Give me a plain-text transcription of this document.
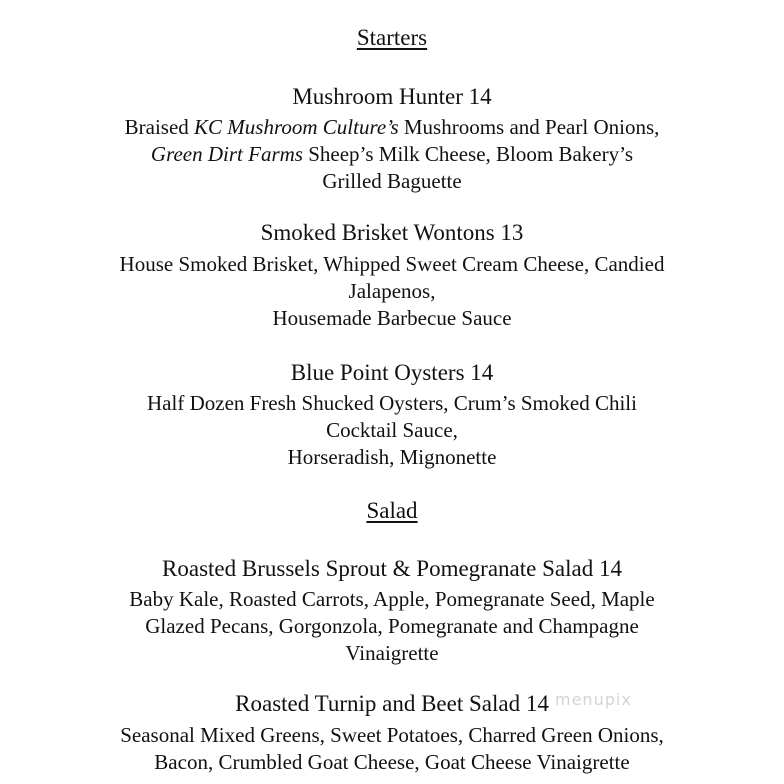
Starters
Mushroom Hunter 14
Braised KC Mushroom Culture’s Mushrooms and Pearl Onions,
Green Dirt Farms Sheep’s Milk Cheese, Bloom Bakery’s
Grilled Baguette
Smoked Brisket Wontons 13
House Smoked Brisket, Whipped Sweet Cream Cheese, Candied
Jalapenos,
Housemade Barbecue Sauce
Blue Point Oysters 14
Half Dozen Fresh Shucked Oysters, Crum’s Smoked Chili
Cocktail Sauce,
Horseradish, Mignonette
Salad
Roasted Brussels Sprout & Pomegranate Salad 14
Baby Kale, Roasted Carrots, Apple, Pomegranate Seed, Maple
Glazed Pecans, Gorgonzola, Pomegranate and Champagne
Vinaigrette
Roasted Turnip and Beet Salad 14
Seasonal Mixed Greens, Sweet Potatoes, Charred Green Onions,
Bacon, Crumbled Goat Cheese, Goat Cheese Vinaigrette
menupix
